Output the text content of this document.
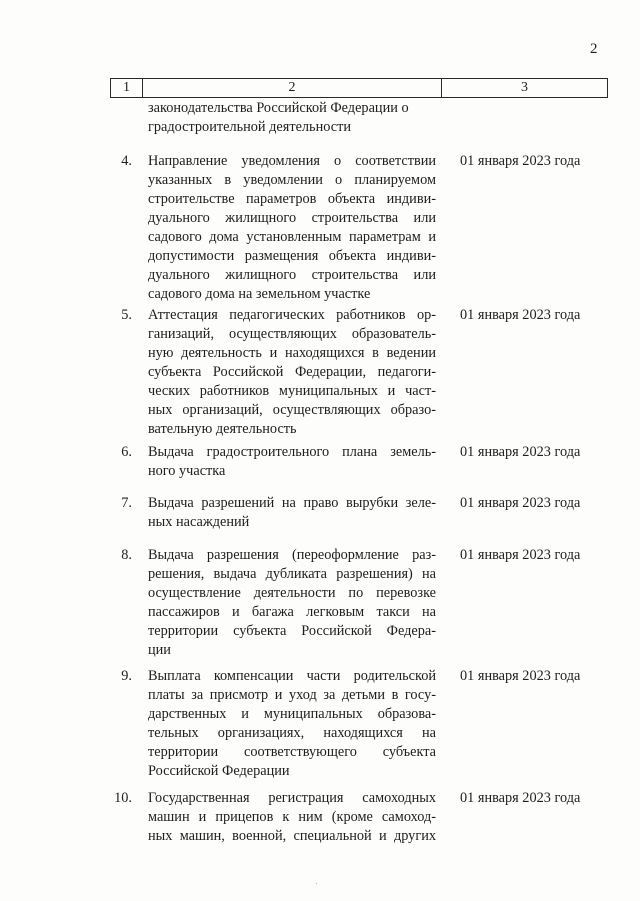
2
1	2	3
законодательства Российской Федерации о
градостроительной деятельности
4. Направление уведомления о соответствии
указанных в уведомлении о планируемом
строительстве параметров объекта индиви-
дуального жилищного строительства или
садового дома установленным параметрам и
допустимости размещения объекта индиви-
дуального жилищного строительства или
садового дома на земельном участке
01 января 2023 года
5. Аттестация педагогических работников ор-
ганизаций, осуществляющих образователь-
ную деятельность и находящихся в ведении
субъекта Российской Федерации, педагоги-
ческих работников муниципальных и част-
ных организаций, осуществляющих образо-
вательную деятельность
01 января 2023 года
6. Выдача градостроительного плана земель-
ного участка
01 января 2023 года
7. Выдача разрешений на право вырубки зеле-
ных насаждений
01 января 2023 года
8. Выдача разрешения (переоформление раз-
решения, выдача дубликата разрешения) на
осуществление деятельности по перевозке
пассажиров и багажа легковым такси на
территории субъекта Российской Федера-
ции
01 января 2023 года
9. Выплата компенсации части родительской
платы за присмотр и уход за детьми в госу-
дарственных и муниципальных образова-
тельных организациях, находящихся на
территории соответствующего субъекта
Российской Федерации
01 января 2023 года
10. Государственная регистрация самоходных
машин и прицепов к ним (кроме самоход-
ных машин, военной, специальной и других
01 января 2023 года
